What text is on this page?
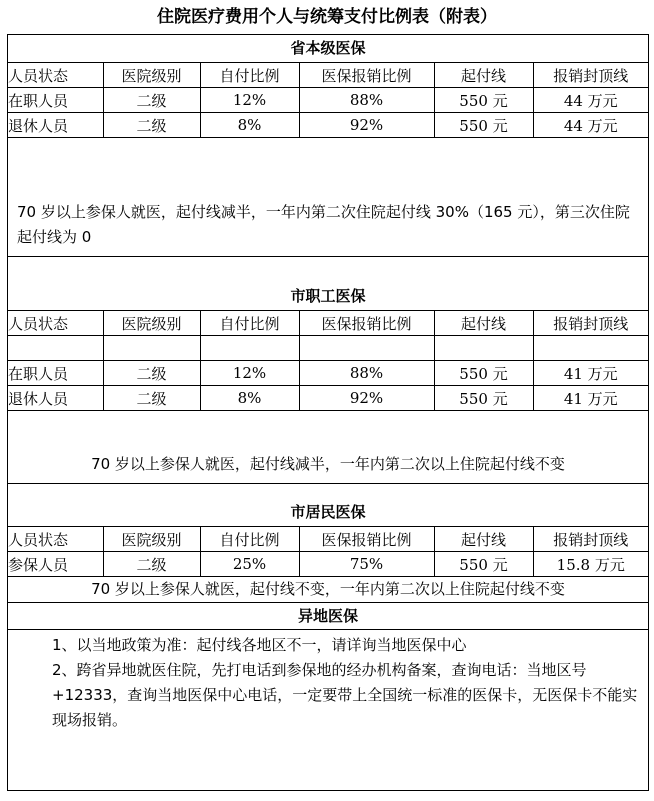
住院医疗费用个人与统筹支付比例表（附表）
省本级医保
人员状态	医院级别	自付比例	医保报销比例	起付线	报销封顶线
在职人员	二级	12%	88%	550 元	44 万元
退休人员	二级	8%	92%	550 元	44 万元
70 岁以上参保人就医，起付线减半，一年内第二次住院起付线 30%（165 元），第三次住院起付线为 0
市职工医保
人员状态	医院级别	自付比例	医保报销比例	起付线	报销封顶线

在职人员	二级	12%	88%	550 元	41 万元
退休人员	二级	8%	92%	550 元	41 万元
70 岁以上参保人就医，起付线减半，一年内第二次以上住院起付线不变
市居民医保
人员状态	医院级别	自付比例	医保报销比例	起付线	报销封顶线
参保人员	二级	25%	75%	550 元	15.8 万元
70 岁以上参保人就医，起付线不变，一年内第二次以上住院起付线不变
异地医保

1、以当地政策为准：起付线各地区不一，请详询当地医保中心

2、跨省异地就医住院，先打电话到参保地的经办机构备案，查询电话：当地区号+12333，查询当地医保中心电话，一定要带上全国统一标准的医保卡，无医保卡不能实现场报销。
